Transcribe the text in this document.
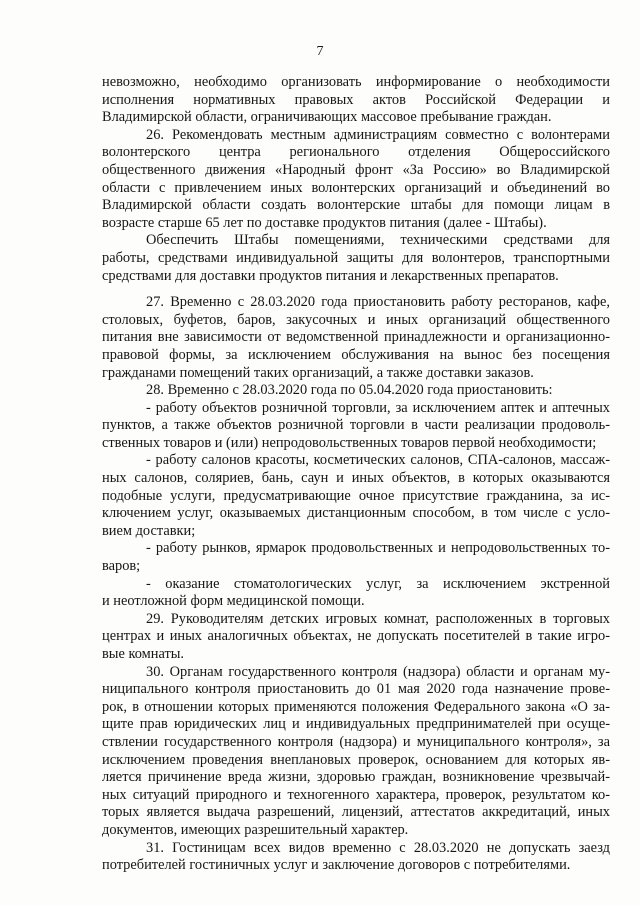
7
невозможно, необходимо организовать информирование о необходимости
исполнения нормативных правовых актов Российской Федерации и
Владимирской области, ограничивающих массовое пребывание граждан.
26. Рекомендовать местным администрациям совместно с волонтерами
волонтерского центра регионального отделения Общероссийского
общественного движения «Народный фронт «За Россию» во Владимирской
области с привлечением иных волонтерских организаций и объединений во
Владимирской области создать волонтерские штабы для помощи лицам в
возрасте старше 65 лет по доставке продуктов питания (далее - Штабы).
Обеспечить Штабы помещениями, техническими средствами для
работы, средствами индивидуальной защиты для волонтеров, транспортными
средствами для доставки продуктов питания и лекарственных препаратов.
27. Временно с 28.03.2020 года приостановить работу ресторанов, кафе,
столовых, буфетов, баров, закусочных и иных организаций общественного
питания вне зависимости от ведомственной принадлежности и организационно-
правовой формы, за исключением обслуживания на вынос без посещения
гражданами помещений таких организаций, а также доставки заказов.
28. Временно с 28.03.2020 года по 05.04.2020 года приостановить:
- работу объектов розничной торговли, за исключением аптек и аптечных
пунктов, а также объектов розничной торговли в части реализации продоволь-
ственных товаров и (или) непродовольственных товаров первой необходимости;
- работу салонов красоты, косметических салонов, СПА-салонов, массаж-
ных салонов, соляриев, бань, саун и иных объектов, в которых оказываются
подобные услуги, предусматривающие очное присутствие гражданина, за ис-
ключением услуг, оказываемых дистанционным способом, в том числе с усло-
вием доставки;
- работу рынков, ярмарок продовольственных и непродовольственных то-
варов;
- оказание стоматологических услуг, за исключением экстренной
и неотложной форм медицинской помощи.
29. Руководителям детских игровых комнат, расположенных в торговых
центрах и иных аналогичных объектах, не допускать посетителей в такие игро-
вые комнаты.
30. Органам государственного контроля (надзора) области и органам му-
ниципального контроля приостановить до 01 мая 2020 года назначение прове-
рок, в отношении которых применяются положения Федерального закона «О за-
щите прав юридических лиц и индивидуальных предпринимателей при осуще-
ствлении государственного контроля (надзора) и муниципального контроля», за
исключением проведения внеплановых проверок, основанием для которых яв-
ляется причинение вреда жизни, здоровью граждан, возникновение чрезвычай-
ных ситуаций природного и техногенного характера, проверок, результатом ко-
торых является выдача разрешений, лицензий, аттестатов аккредитаций, иных
документов, имеющих разрешительный характер.
31. Гостиницам всех видов временно с 28.03.2020 не допускать заезд
потребителей гостиничных услуг и заключение договоров с потребителями.
